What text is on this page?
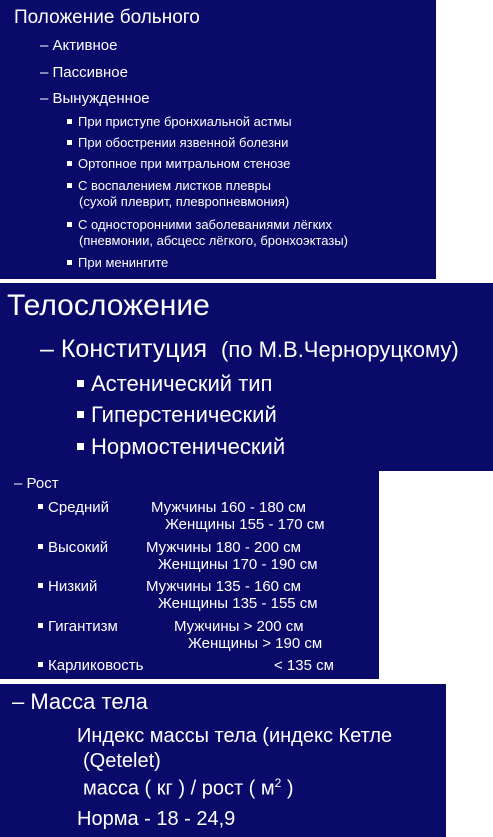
Положение больного
– Активное
– Пассивное
– Вынужденное
При приступе бронхиальной астмы
При обострении язвенной болезни
Ортопное при митральном стенозе
С воспалением листков плевры
(сухой плеврит, плевропневмония)
С односторонними заболеваниями лёгких
(пневмонии, абсцесс лёгкого, бронхоэктазы)
При менингите
Телосложение
– Конституция (по М.В.Черноруцкому)
Астенический тип
Гиперстенический
Нормостенический
– Рост
Средний	Мужчины 160 - 180 см
Женщины 155 - 170 см
Высокий	Мужчины 180 - 200 см
Женщины 170 - 190 см
Низкий	Мужчины 135 - 160 см
Женщины 135 - 155 см
Гигантизм	Мужчины > 200 см
Женщины > 190 см
Карликовость	< 135 см
– Масса тела
Индекс массы тела (индекс Кетле
(Qetelet)
масса ( кг ) / рост ( $м^2$ )
Норма - 18 - 24,9
